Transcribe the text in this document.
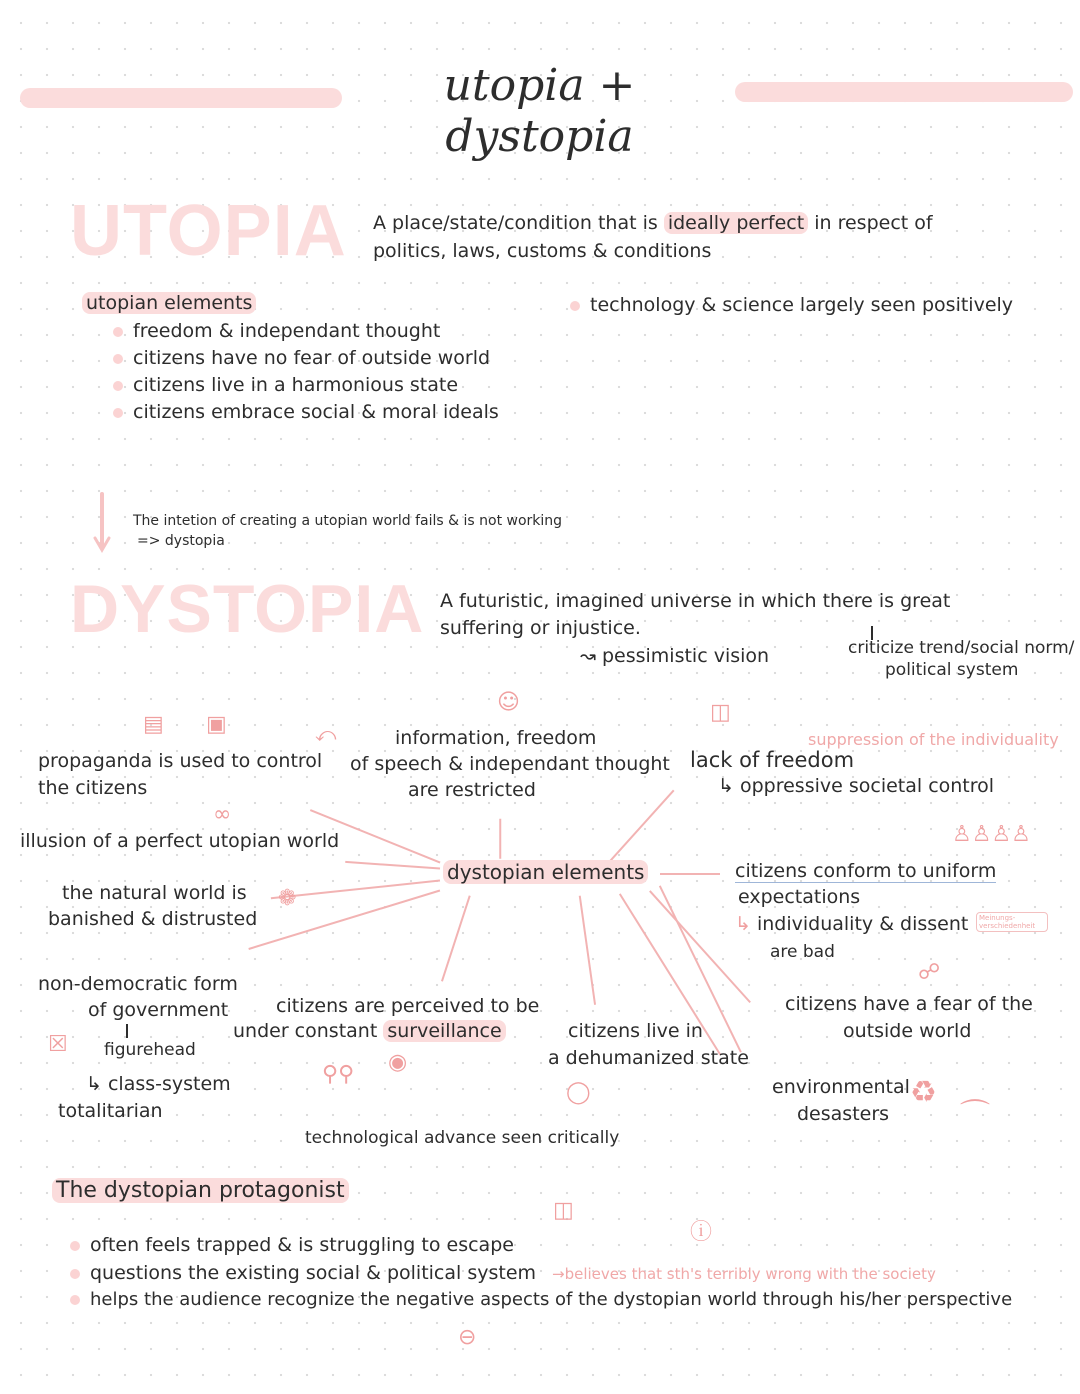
utopia + dystopia
UTOPIA A place/state/condition that is ideally perfect in respect of
politics, laws, customs & conditions
utopian elements
freedom & independant thought
citizens have no fear of outside world
citizens live in a harmonious state
citizens embrace social & moral ideals
technology & science largely seen positively
The intetion of creating a utopian world fails & is not working
=> dystopia
DYSTOPIA A futuristic, imagined universe in which there is great
suffering or injustice.
↝ pessimistic vision	criticize trend/social norm/
political system
dystopian elements
▤ ▣	⤺
☺	◫
∞
♙♙♙♙
❁
☍
☒
⚲⚲ ◉
◯	♻
⌒
◫
ⓘ
⊖
propaganda is used to control
the citizens
information, freedom
of speech & independant thought
are restricted
suppression of the individuality
lack of freedom
↳ oppressive societal control
illusion of a perfect utopian world
citizens conform to uniform
expectations
↳ individuality & dissent	Meinungs-verschiedenheit
are bad
the natural world is
banished & distrusted
citizens have a fear of the
outside world
non-democratic form
of government
figurehead
↳ class-system
totalitarian
citizens are perceived to be
under constant surveillance	citizens live in
a dehumanized state
environmental
desasters
technological advance seen critically
The dystopian protagonist
often feels trapped & is struggling to escape
questions the existing social & political system →believes that sth's terribly wrong with the society
helps the audience recognize the negative aspects of the dystopian world through his/her perspective
